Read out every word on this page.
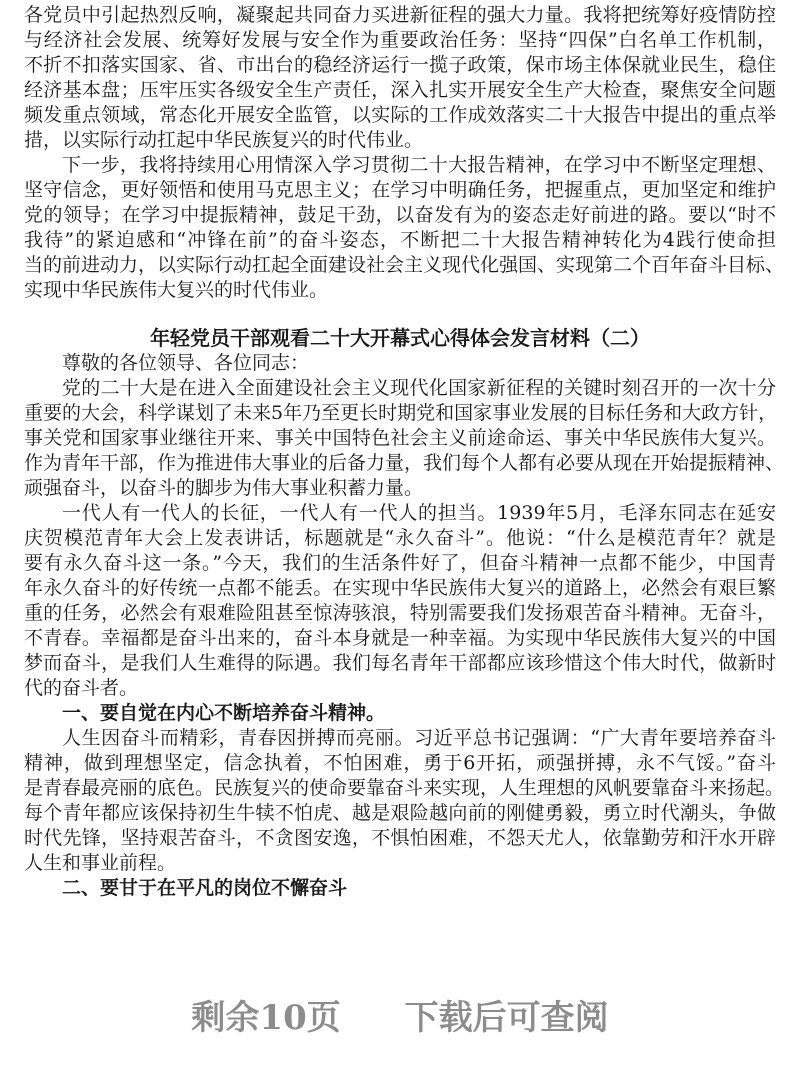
各党员中引起热烈反响，凝聚起共同奋力买进新征程的强大力量。我将把统筹好疫情防控
与经济社会发展、统筹好发展与安全作为重要政治任务：坚持“四保”白名单工作机制，
不折不扣落实国家、省、市出台的稳经济运行一揽子政策，保市场主体保就业民生，稳住
经济基本盘；压牢压实各级安全生产责任，深入扎实开展安全生产大检查，聚焦安全问题
频发重点领域，常态化开展安全监管，以实际的工作成效落实二十大报告中提出的重点举
措，以实际行动扛起中华民族复兴的时代伟业。
下一步，我将持续用心用情深入学习贯彻二十大报告精神，在学习中不断坚定理想、
坚守信念，更好领悟和使用马克思主义；在学习中明确任务，把握重点，更加坚定和维护
党的领导；在学习中提振精神，鼓足干劲，以奋发有为的姿态走好前进的路。要以“时不
我待”的紧迫感和“冲锋在前”的奋斗姿态，不断把二十大报告精神转化为4践行使命担
当的前进动力，以实际行动扛起全面建设社会主义现代化强国、实现第二个百年奋斗目标、
实现中华民族伟大复兴的时代伟业。
年轻党员干部观看二十大开幕式心得体会发言材料（二）
尊敬的各位领导、各位同志：
党的二十大是在进入全面建设社会主义现代化国家新征程的关键时刻召开的一次十分
重要的大会，科学谋划了未来5年乃至更长时期党和国家事业发展的目标任务和大政方针，
事关党和国家事业继往开来、事关中国特色社会主义前途命运、事关中华民族伟大复兴。
作为青年干部，作为推进伟大事业的后备力量，我们每个人都有必要从现在开始提振精神、
顽强奋斗，以奋斗的脚步为伟大事业积蓄力量。
一代人有一代人的长征，一代人有一代人的担当。1939年5月，毛泽东同志在延安
庆贺模范青年大会上发表讲话，标题就是“永久奋斗”。他说：“什么是模范青年？就是
要有永久奋斗这一条。”今天，我们的生活条件好了，但奋斗精神一点都不能少，中国青
年永久奋斗的好传统一点都不能丢。在实现中华民族伟大复兴的道路上，必然会有艰巨繁
重的任务，必然会有艰难险阻甚至惊涛骇浪，特别需要我们发扬艰苦奋斗精神。无奋斗，
不青春。幸福都是奋斗出来的，奋斗本身就是一种幸福。为实现中华民族伟大复兴的中国
梦而奋斗，是我们人生难得的际遇。我们每名青年干部都应该珍惜这个伟大时代，做新时
代的奋斗者。
一、要自觉在内心不断培养奋斗精神。
人生因奋斗而精彩，青春因拼搏而亮丽。习近平总书记强调：“广大青年要培养奋斗
精神，做到理想坚定，信念执着，不怕困难，勇于6开拓，顽强拼搏，永不气馁。”奋斗
是青春最亮丽的底色。民族复兴的使命要靠奋斗来实现，人生理想的风帆要靠奋斗来扬起。
每个青年都应该保持初生牛犊不怕虎、越是艰险越向前的刚健勇毅，勇立时代潮头，争做
时代先锋，坚持艰苦奋斗，不贪图安逸，不惧怕困难，不怨天尤人，依靠勤劳和汗水开辟
人生和事业前程。
二、要甘于在平凡的岗位不懈奋斗
剩余10页 下载后可查阅
